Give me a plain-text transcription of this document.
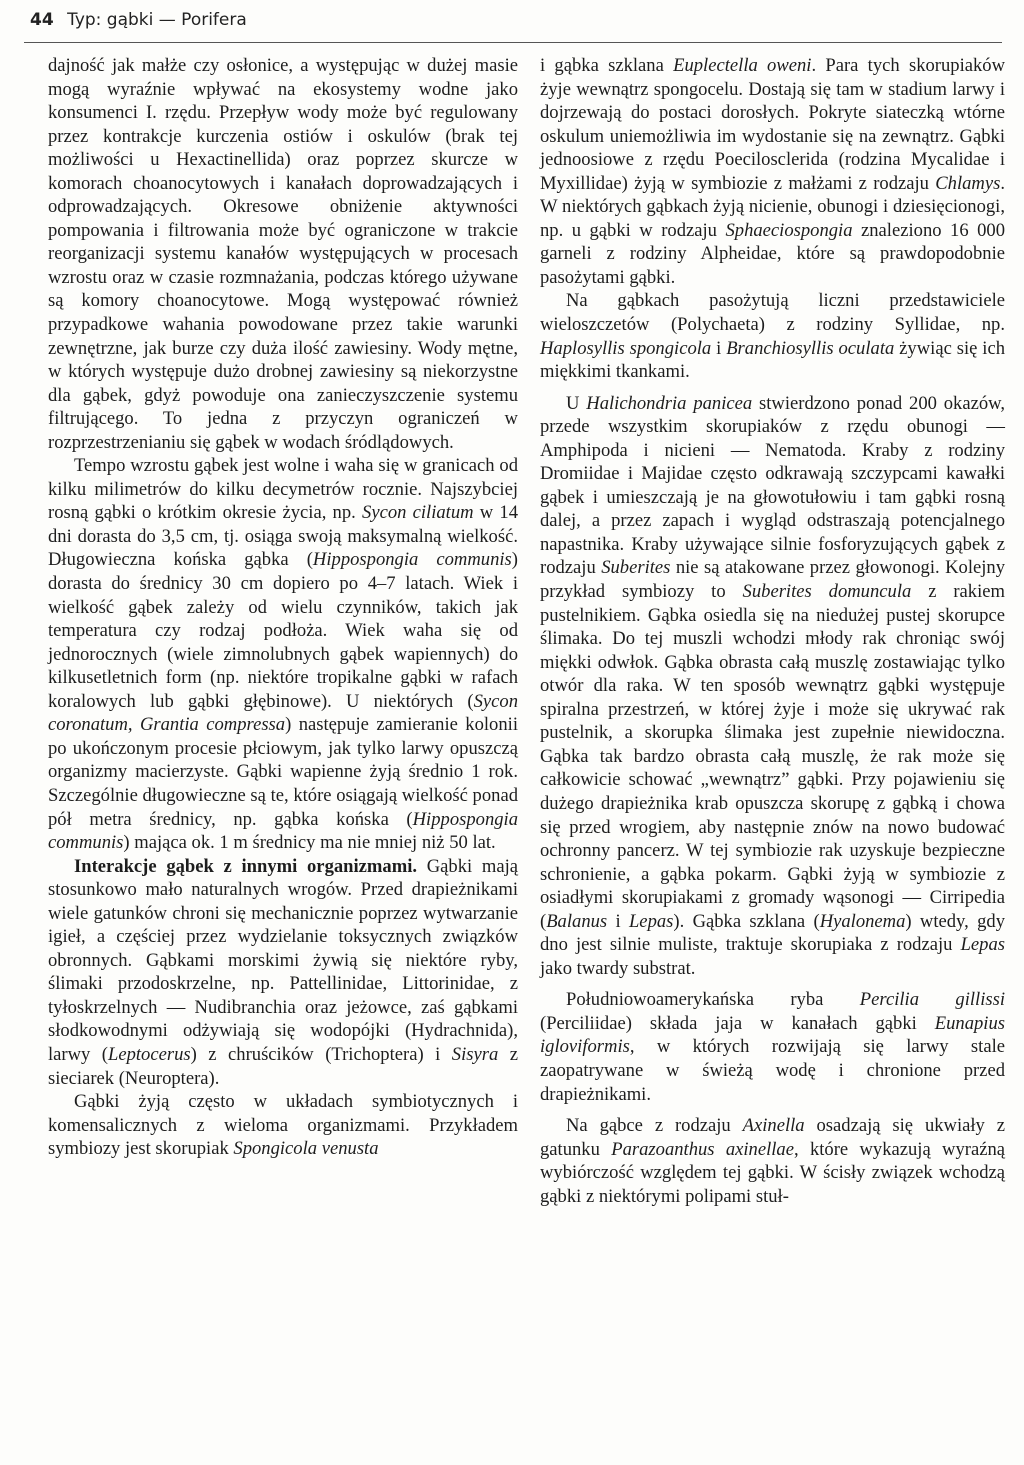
44 Typ: gąbki — Porifera

dajność jak małże czy osłonice, a występując w dużej masie mogą wyraźnie wpływać na ekosystemy wodne jako konsumenci I. rzędu. Przepływ wody może być regulowany przez kontrakcje kurczenia ostiów i oskulów (brak tej możliwości u Hexactinellida) oraz poprzez skurcze w komorach choanocytowych i kanałach doprowadzających i odprowadzających. Okresowe obniżenie aktywności pompowania i filtrowania może być ograniczone w trakcie reorganizacji systemu kanałów występujących w procesach wzrostu oraz w czasie rozmnażania, podczas którego używane są komory choanocytowe. Mogą występować również przypadkowe wahania powodowane przez takie warunki zewnętrzne, jak burze czy duża ilość zawiesiny. Wody mętne, w których występuje dużo drobnej zawiesiny są niekorzystne dla gąbek, gdyż powoduje ona zanieczyszczenie systemu filtrującego. To jedna z przyczyn ograniczeń w rozprzestrzenianiu się gąbek w wodach śródlądowych.

Tempo wzrostu gąbek jest wolne i waha się w granicach od kilku milimetrów do kilku decymetrów rocznie. Najszybciej rosną gąbki o krótkim okresie życia, np. Sycon ciliatum w 14 dni dorasta do 3,5 cm, tj. osiąga swoją maksymalną wielkość. Długowieczna końska gąbka (Hippospongia communis) dorasta do średnicy 30 cm dopiero po 4–7 latach. Wiek i wielkość gąbek zależy od wielu czynników, takich jak temperatura czy rodzaj podłoża. Wiek waha się od jednorocznych (wiele zimnolubnych gąbek wapiennych) do kilkusetletnich form (np. niektóre tropikalne gąbki w rafach koralowych lub gąbki głębinowe). U niektórych (Sycon coronatum, Grantia compressa) następuje zamieranie kolonii po ukończonym procesie płciowym, jak tylko larwy opuszczą organizmy macierzyste. Gąbki wapienne żyją średnio 1 rok. Szczególnie długowieczne są te, które osiągają wielkość ponad pół metra średnicy, np. gąbka końska (Hippospongia communis) mająca ok. 1 m średnicy ma nie mniej niż 50 lat.

Interakcje gąbek z innymi organizmami. Gąbki mają stosunkowo mało naturalnych wrogów. Przed drapieżnikami wiele gatunków chroni się mechanicznie poprzez wytwarzanie igieł, a częściej przez wydzielanie toksycznych związków obronnych. Gąbkami morskimi żywią się niektóre ryby, ślimaki przodoskrzelne, np. Pattellinidae, Littorinidae, z tyłoskrzelnych — Nudibranchia oraz jeżowce, zaś gąbkami słodkowodnymi odżywiają się wodopójki (Hydrachnida), larwy (Leptocerus) z chruścików (Trichoptera) i Sisyra z sieciarek (Neuroptera).

Gąbki żyją często w układach symbiotycznych i komensalicznych z wieloma organizmami. Przykładem symbiozy jest skorupiak Spongicola venusta

i gąbka szklana Euplectella oweni. Para tych skorupiaków żyje wewnątrz spongocelu. Dostają się tam w stadium larwy i dojrzewają do postaci dorosłych. Pokryte siateczką wtórne oskulum uniemożliwia im wydostanie się na zewnątrz. Gąbki jednoosiowe z rzędu Poecilosclerida (rodzina Mycalidae i Myxillidae) żyją w symbiozie z małżami z rodzaju Chlamys. W niektórych gąbkach żyją nicienie, obunogi i dziesięcionogi, np. u gąbki w rodzaju Sphaeciospongia znaleziono 16 000 garneli z rodziny Alpheidae, które są prawdopodobnie pasożytami gąbki.

Na gąbkach pasożytują liczni przedstawiciele wieloszczetów (Polychaeta) z rodziny Syllidae, np. Haplosyllis spongicola i Branchiosyllis oculata żywiąc się ich miękkimi tkankami.

U Halichondria panicea stwierdzono ponad 200 okazów, przede wszystkim skorupiaków z rzędu obunogi — Amphipoda i nicieni — Nematoda. Kraby z rodziny Dromiidae i Majidae często odkrawają szczypcami kawałki gąbek i umieszczają je na głowotułowiu i tam gąbki rosną dalej, a przez zapach i wygląd odstraszają potencjalnego napastnika. Kraby używające silnie fosforyzujących gąbek z rodzaju Suberites nie są atakowane przez głowonogi. Kolejny przykład symbiozy to Suberites domuncula z rakiem pustelnikiem. Gąbka osiedla się na niedużej pustej skorupce ślimaka. Do tej muszli wchodzi młody rak chroniąc swój miękki odwłok. Gąbka obrasta całą muszlę zostawiając tylko otwór dla raka. W ten sposób wewnątrz gąbki występuje spiralna przestrzeń, w której żyje i może się ukrywać rak pustelnik, a skorupka ślimaka jest zupełnie niewidoczna. Gąbka tak bardzo obrasta całą muszlę, że rak może się całkowicie schować „wewnątrz” gąbki. Przy pojawieniu się dużego drapieżnika krab opuszcza skorupę z gąbką i chowa się przed wrogiem, aby następnie znów na nowo budować ochronny pancerz. W tej symbiozie rak uzyskuje bezpieczne schronienie, a gąbka pokarm. Gąbki żyją w symbiozie z osiadłymi skorupiakami z gromady wąsonogi — Cirripedia (Balanus i Lepas). Gąbka szklana (Hyalonema) wtedy, gdy dno jest silnie muliste, traktuje skorupiaka z rodzaju Lepas jako twardy substrat.

Południowoamerykańska ryba Percilia gillissi (Perciliidae) składa jaja w kanałach gąbki Eunapius igloviformis, w których rozwijają się larwy stale zaopatrywane w świeżą wodę i chronione przed drapieżnikami.

Na gąbce z rodzaju Axinella osadzają się ukwiały z gatunku Parazoanthus axinellae, które wykazują wyraźną wybiórczość względem tej gąbki. W ścisły związek wchodzą gąbki z niektórymi polipami stuł-
